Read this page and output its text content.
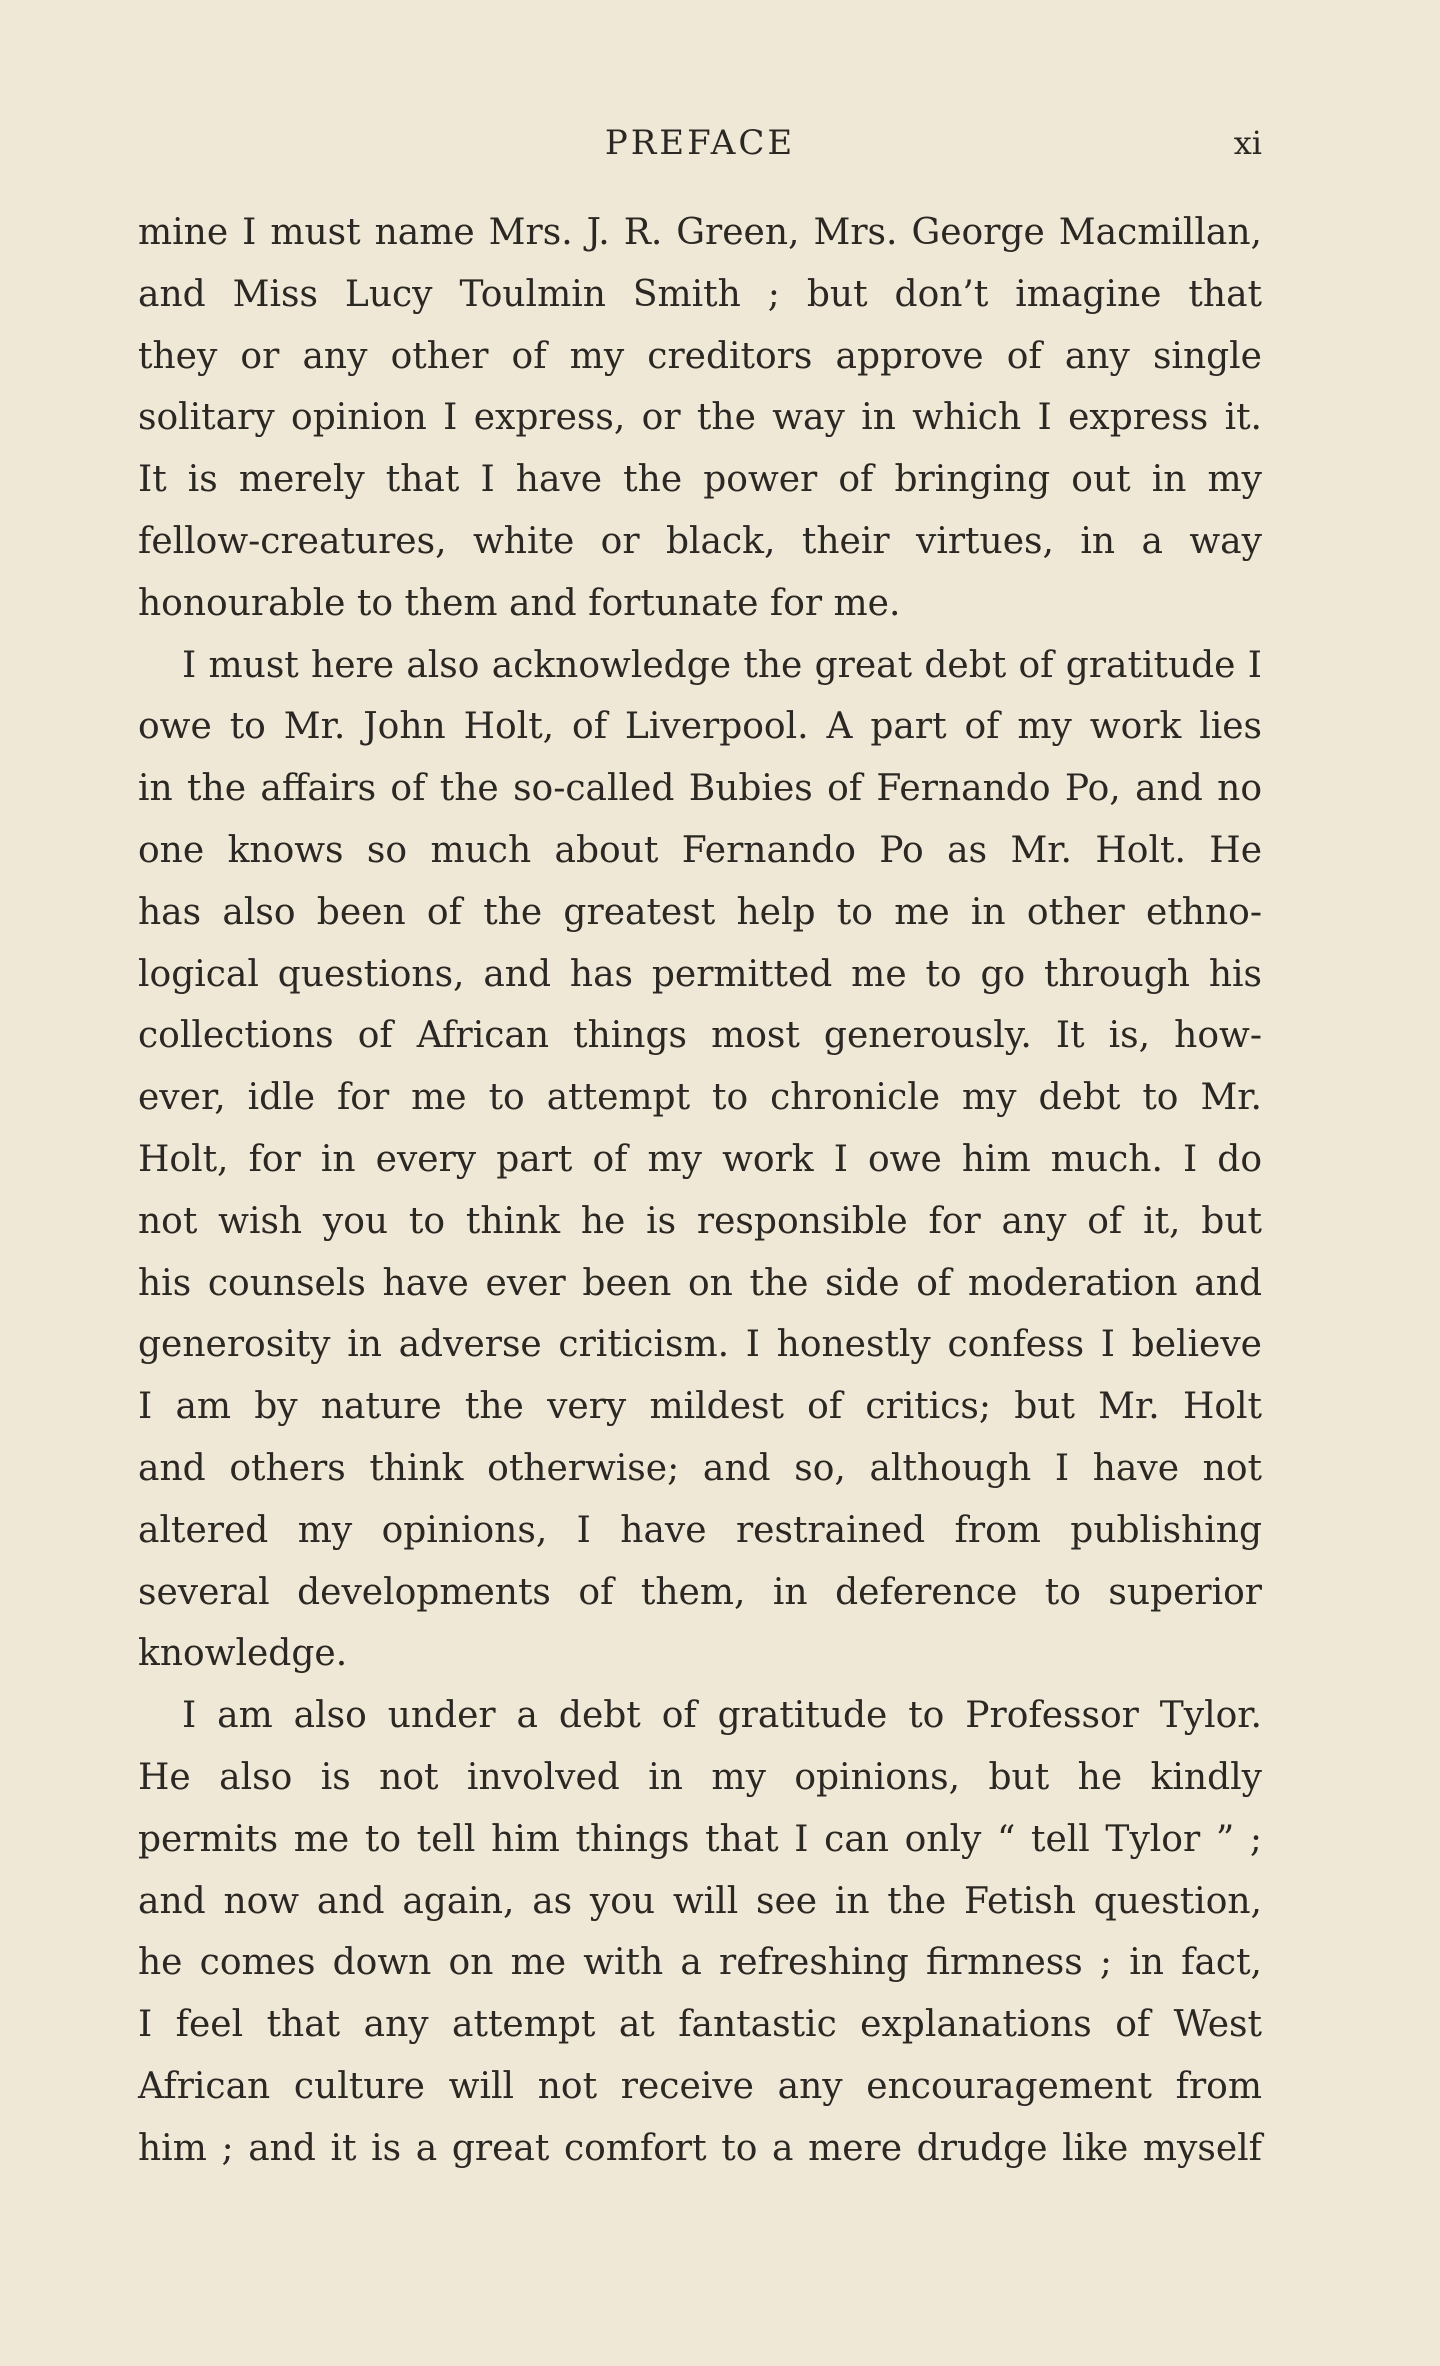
PREFACE	xi
mine I must name Mrs. J. R. Green, Mrs. George Macmillan,
and Miss Lucy Toulmin Smith ; but don’t imagine that
they or any other of my creditors approve of any single
solitary opinion I express, or the way in which I express it.
It is merely that I have the power of bringing out in my
fellow-creatures, white or black, their virtues, in a way
honourable to them and fortunate for me.
I must here also acknowledge the great debt of gratitude I
owe to Mr. John Holt, of Liverpool. A part of my work lies
in the affairs of the so-called Bubies of Fernando Po, and no
one knows so much about Fernando Po as Mr. Holt. He
has also been of the greatest help to me in other ethno-
logical questions, and has permitted me to go through his
collections of African things most generously. It is, how-
ever, idle for me to attempt to chronicle my debt to Mr.
Holt, for in every part of my work I owe him much. I do
not wish you to think he is responsible for any of it, but
his counsels have ever been on the side of moderation and
generosity in adverse criticism. I honestly confess I believe
I am by nature the very mildest of critics; but Mr. Holt
and others think otherwise; and so, although I have not
altered my opinions, I have restrained from publishing
several developments of them, in deference to superior
knowledge.
I am also under a debt of gratitude to Professor Tylor.
He also is not involved in my opinions, but he kindly
permits me to tell him things that I can only “ tell Tylor ” ;
and now and again, as you will see in the Fetish question,
he comes down on me with a refreshing firmness ; in fact,
I feel that any attempt at fantastic explanations of West
African culture will not receive any encouragement from
him ; and it is a great comfort to a mere drudge like myself
